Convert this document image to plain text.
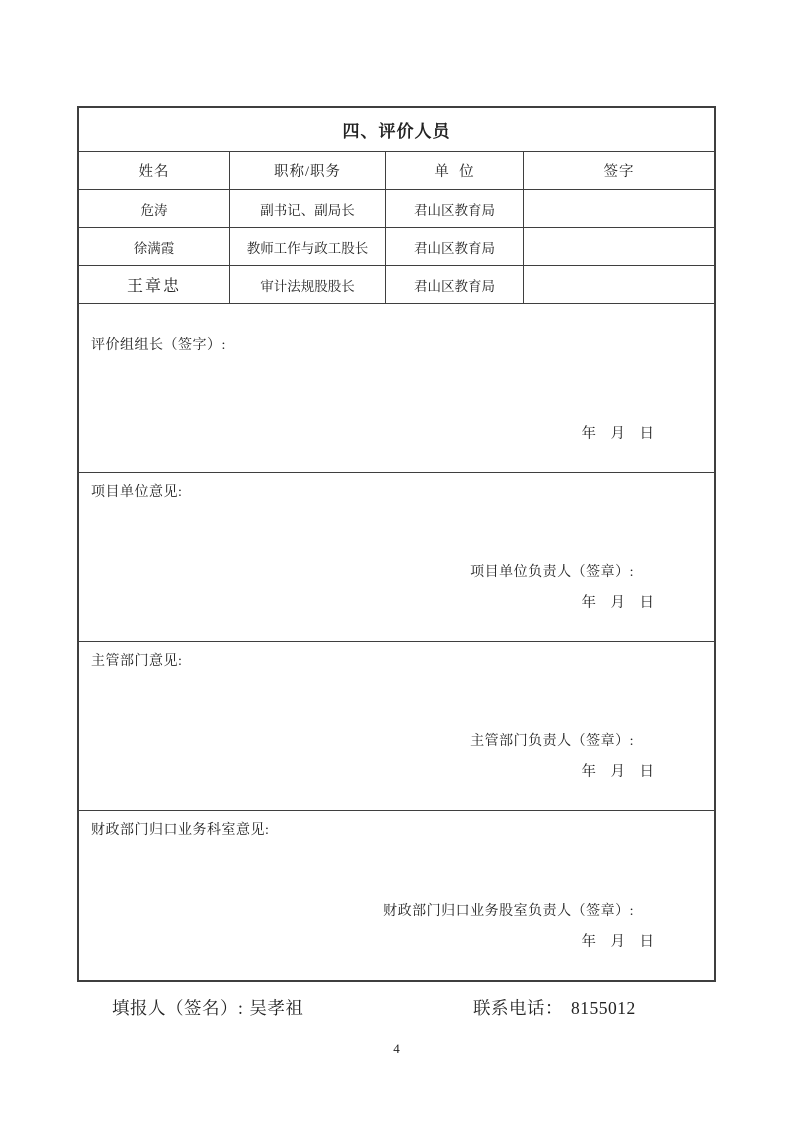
四、评价人员
姓名	职称/职务	单  位	签字
危涛	副书记、副局长	君山区教育局
徐满霞	教师工作与政工股长	君山区教育局
王章忠	审计法规股股长	君山区教育局
评价组组长（签字）:
年    月    日
项目单位意见:
项目单位负责人（签章）:
年    月    日
主管部门意见:
主管部门负责人（签章）:
年    月    日
财政部门归口业务科室意见:
财政部门归口业务股室负责人（签章）:
年    月    日
填报人（签名）: 吴孝祖	联系电话： 8155012
4
